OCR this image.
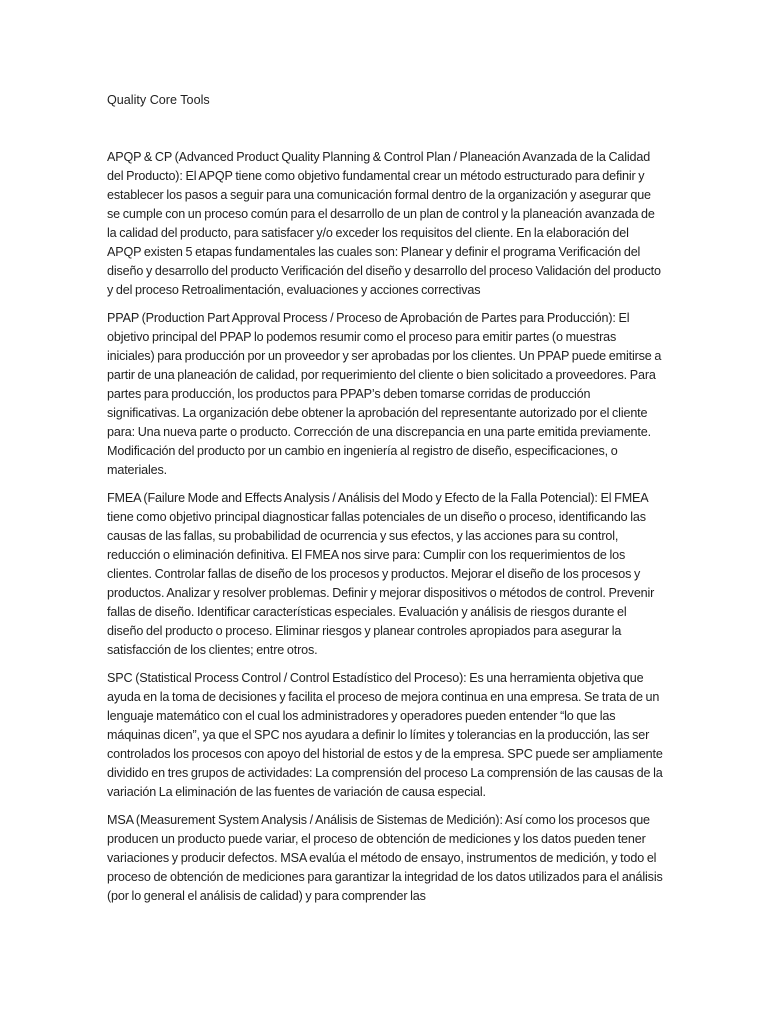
Quality Core Tools

APQP & CP (Advanced Product Quality Planning & Control Plan / Planeación Avanzada de la Calidad del Producto): El APQP tiene como objetivo fundamental crear un método estructurado para definir y establecer los pasos a seguir para una comunicación formal dentro de la organización y asegurar que se cumple con un proceso común para el desarrollo de un plan de control y la planeación avanzada de la calidad del producto, para satisfacer y/o exceder los requisitos del cliente. En la elaboración del APQP existen 5 etapas fundamentales las cuales son: Planear y definir el programa Verificación del diseño y desarrollo del producto Verificación del diseño y desarrollo del proceso Validación del producto y del proceso Retroalimentación, evaluaciones y acciones correctivas

PPAP (Production Part Approval Process / Proceso de Aprobación de Partes para Producción): El objetivo principal del PPAP lo podemos resumir como el proceso para emitir partes (o muestras iniciales) para producción por un proveedor y ser aprobadas por los clientes. Un PPAP puede emitirse a partir de una planeación de calidad, por requerimiento del cliente o bien solicitado a proveedores. Para partes para producción, los productos para PPAP’s deben tomarse corridas de producción significativas. La organización debe obtener la aprobación del representante autorizado por el cliente para: Una nueva parte o producto. Corrección de una discrepancia en una parte emitida previamente. Modificación del producto por un cambio en ingeniería al registro de diseño, especificaciones, o materiales.

FMEA (Failure Mode and Effects Analysis / Análisis del Modo y Efecto de la Falla Potencial): El FMEA tiene como objetivo principal diagnosticar fallas potenciales de un diseño o proceso, identificando las causas de las fallas, su probabilidad de ocurrencia y sus efectos, y las acciones para su control, reducción o eliminación definitiva. El FMEA nos sirve para: Cumplir con los requerimientos de los clientes. Controlar fallas de diseño de los procesos y productos. Mejorar el diseño de los procesos y productos. Analizar y resolver problemas. Definir y mejorar dispositivos o métodos de control. Prevenir fallas de diseño. Identificar características especiales. Evaluación y análisis de riesgos durante el diseño del producto o proceso. Eliminar riesgos y planear controles apropiados para asegurar la satisfacción de los clientes; entre otros.

SPC (Statistical Process Control / Control Estadístico del Proceso): Es una herramienta objetiva que ayuda en la toma de decisiones y facilita el proceso de mejora continua en una empresa. Se trata de un lenguaje matemático con el cual los administradores y operadores pueden entender “lo que las máquinas dicen”, ya que el SPC nos ayudara a definir lo límites y tolerancias en la producción, las ser controlados los procesos con apoyo del historial de estos y de la empresa. SPC puede ser ampliamente dividido en tres grupos de actividades: La comprensión del proceso La comprensión de las causas de la variación La eliminación de las fuentes de variación de causa especial.

MSA (Measurement System Analysis / Análisis de Sistemas de Medición): Así como los procesos que producen un producto puede variar, el proceso de obtención de mediciones y los datos pueden tener variaciones y producir defectos. MSA evalúa el método de ensayo, instrumentos de medición, y todo el proceso de obtención de mediciones para garantizar la integridad de los datos utilizados para el análisis (por lo general el análisis de calidad) y para comprender las
